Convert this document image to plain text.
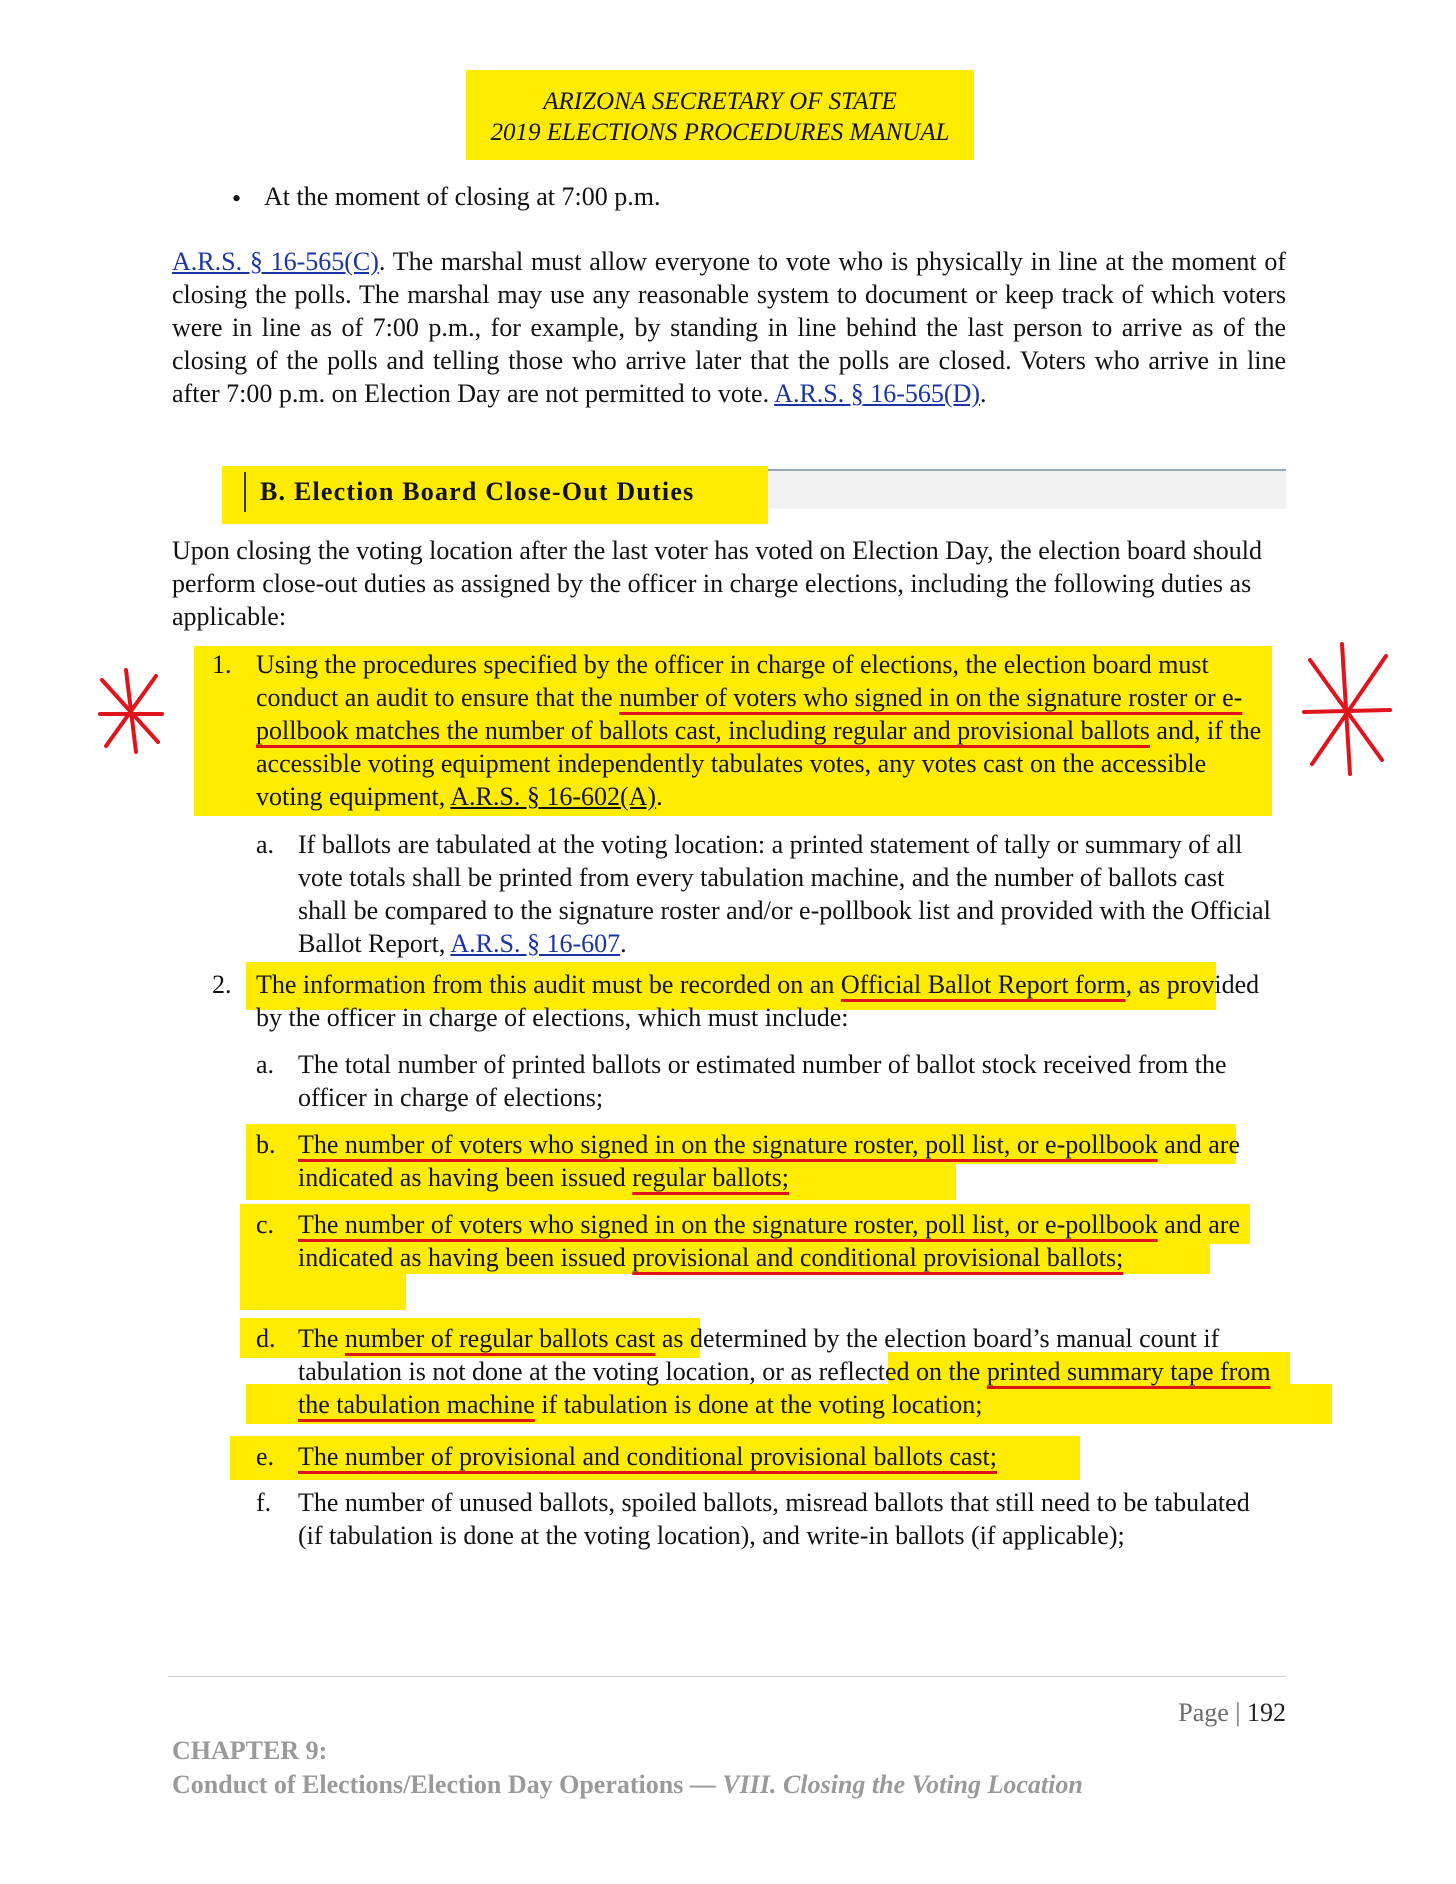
ARIZONA SECRETARY OF STATE
2019 ELECTIONS PROCEDURES MANUAL
• At the moment of closing at 7:00 p.m.
A.R.S. § 16-565(C). The marshal must allow everyone to vote who is physically in line at the moment of closing the polls. The marshal may use any reasonable system to document or keep track of which voters were in line as of 7:00 p.m., for example, by standing in line behind the last person to arrive as of the closing of the polls and telling those who arrive later that the polls are closed. Voters who arrive in line after 7:00 p.m. on Election Day are not permitted to vote. A.R.S. § 16-565(D).
B. Election Board Close-Out Duties
Upon closing the voting location after the last voter has voted on Election Day, the election board should perform close-out duties as assigned by the officer in charge elections, including the following duties as applicable:
1. Using the procedures specified by the officer in charge of elections, the election board must conduct an audit to ensure that the number of voters who signed in on the signature roster or e-pollbook matches the number of ballots cast, including regular and provisional ballots and, if the accessible voting equipment independently tabulates votes, any votes cast on the accessible voting equipment, A.R.S. § 16-602(A).
a. If ballots are tabulated at the voting location: a printed statement of tally or summary of all vote totals shall be printed from every tabulation machine, and the number of ballots cast shall be compared to the signature roster and/or e-pollbook list and provided with the Official Ballot Report, A.R.S. § 16-607.
2. The information from this audit must be recorded on an Official Ballot Report form, as provided by the officer in charge of elections, which must include:
a. The total number of printed ballots or estimated number of ballot stock received from the officer in charge of elections;
b. The number of voters who signed in on the signature roster, poll list, or e-pollbook and are indicated as having been issued regular ballots;
c. The number of voters who signed in on the signature roster, poll list, or e-pollbook and are indicated as having been issued provisional and conditional provisional ballots;
d. The number of regular ballots cast as determined by the election board’s manual count if tabulation is not done at the voting location, or as reflected on the printed summary tape from the tabulation machine if tabulation is done at the voting location;
e. The number of provisional and conditional provisional ballots cast;
f. The number of unused ballots, spoiled ballots, misread ballots that still need to be tabulated (if tabulation is done at the voting location), and write-in ballots (if applicable);
Page | 192
CHAPTER 9:
Conduct of Elections/Election Day Operations — VIII. Closing the Voting Location
